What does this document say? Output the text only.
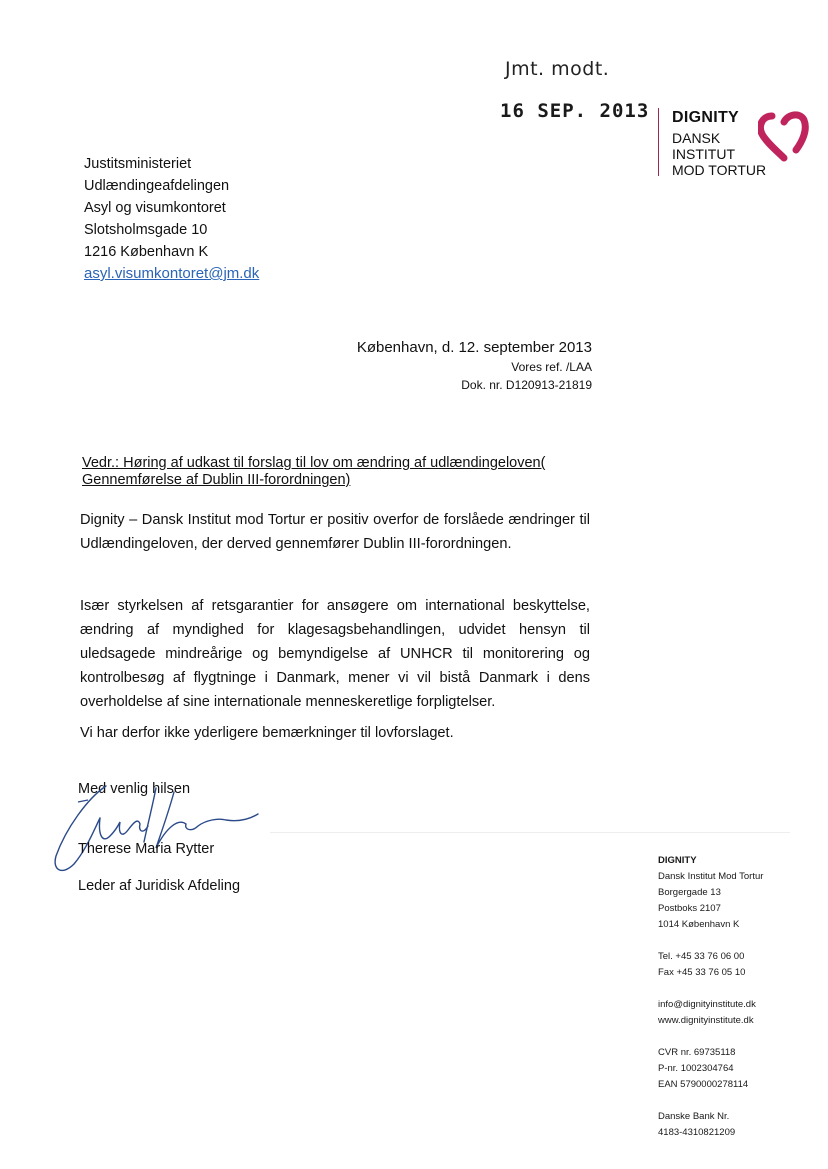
Jmt. modt.
16 SEP. 2013 DIGNITY
DANSK
INSTITUT
MOD TORTUR
Justitsministeriet
Udlændingeafdelingen
Asyl og visumkontoret
Slotsholmsgade 10
1216 København K
asyl.visumkontoret@jm.dk
København, d. 12. september 2013
Vores ref. /LAA
Dok. nr. D120913-21819
Vedr.: Høring af udkast til forslag til lov om ændring af udlændingeloven( Gennemførelse af Dublin III-forordningen)
Dignity – Dansk Institut mod Tortur er positiv overfor de forslåede ændringer til Udlændingeloven, der derved gennemfører Dublin III-forordningen.
Især styrkelsen af retsgarantier for ansøgere om international beskyttelse, ændring af myndighed for klagesagsbehandlingen, udvidet hensyn til uledsagede mindreårige og bemyndigelse af UNHCR til monitorering og kontrolbesøg af flygtninge i Danmark, mener vi vil bistå Danmark i dens overholdelse af sine internationale menneskeretlige forpligtelser.
Vi har derfor ikke yderligere bemærkninger til lovforslaget.
Med venlig hilsen
Therese Maria Rytter
Leder af Juridisk Afdeling
DIGNITY
Dansk Institut Mod Tortur
Borgergade 13
Postboks 2107
1014 København K
Tel. +45 33 76 06 00
Fax +45 33 76 05 10
info@dignityinstitute.dk
www.dignityinstitute.dk
CVR nr. 69735118
P-nr. 1002304764
EAN 5790000278114
Danske Bank Nr.
4183-4310821209
